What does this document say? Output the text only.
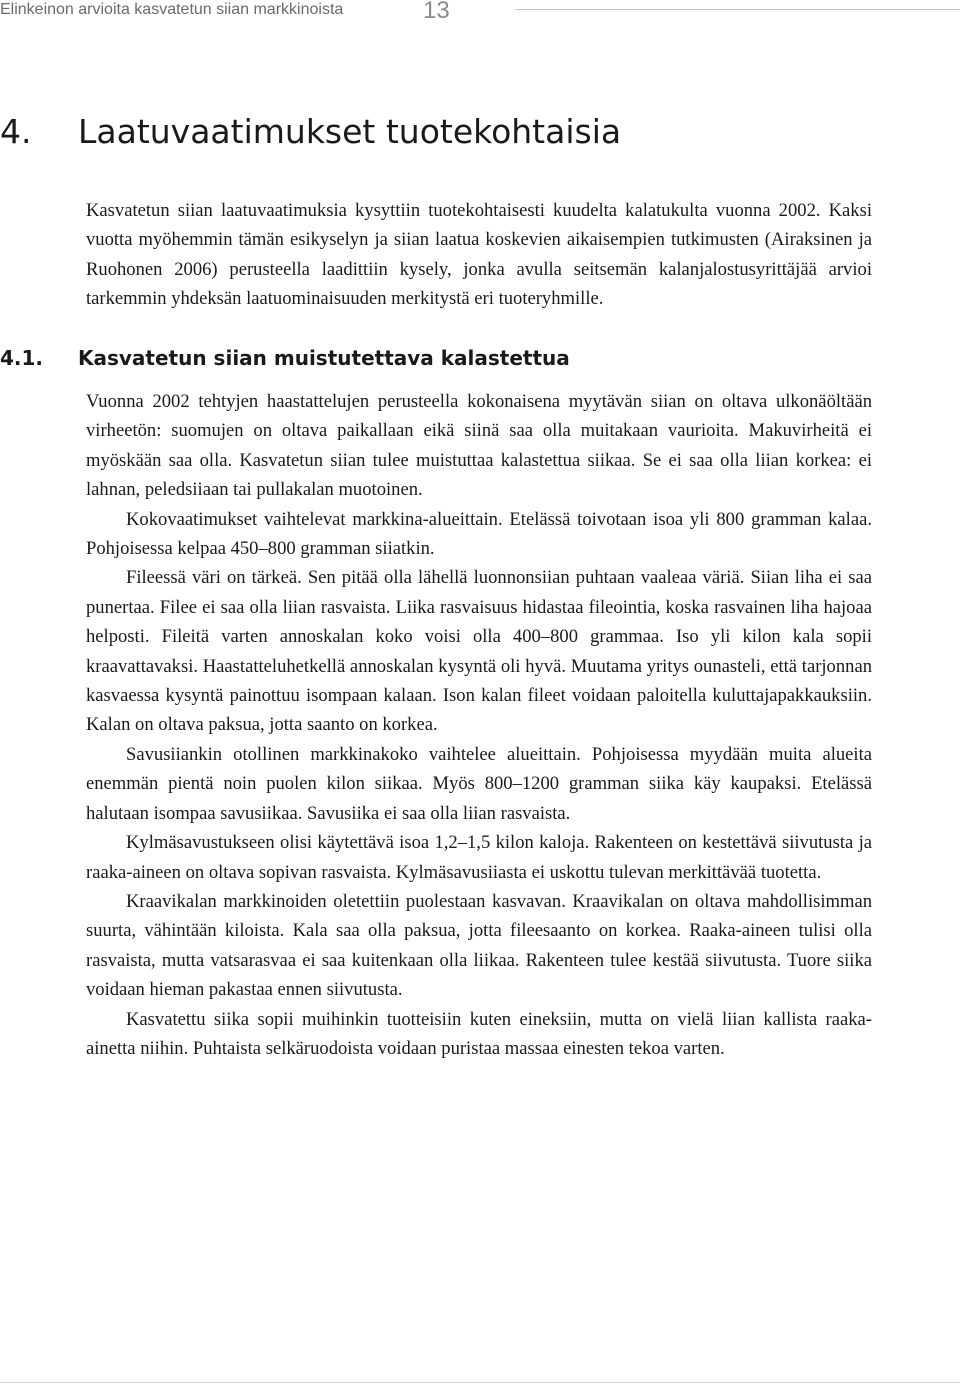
Elinkeinon arvioita kasvatetun siian markkinoista	13
4. Laatuvaatimukset tuotekohtaisia

Kasvatetun siian laatuvaatimuksia kysyttiin tuotekohtaisesti kuudelta kalatukulta vuonna 2002. Kaksi vuotta myöhemmin tämän esikyselyn ja siian laatua koskevien aikaisempien tutkimusten (Airaksinen ja Ruohonen 2006) perusteella laadittiin kysely, jonka avulla seitsemän kalanjalostusyrittäjää arvioi tarkemmin yhdeksän laatuominaisuuden merkitystä eri tuoteryhmille.

4.1. Kasvatetun siian muistutettava kalastettua

Vuonna 2002 tehtyjen haastattelujen perusteella kokonaisena myytävän siian on oltava ulkonäöltään virheetön: suomujen on oltava paikallaan eikä siinä saa olla muitakaan vaurioita. Makuvirheitä ei myöskään saa olla. Kasvatetun siian tulee muistuttaa kalastettua siikaa. Se ei saa olla liian korkea: ei lahnan, peledsiiaan tai pullakalan muotoinen.

Kokovaatimukset vaihtelevat markkina-alueittain. Etelässä toivotaan isoa yli 800 gramman kalaa. Pohjoisessa kelpaa 450–800 gramman siiatkin.

Fileessä väri on tärkeä. Sen pitää olla lähellä luonnonsiian puhtaan vaaleaa väriä. Siian liha ei saa punertaa. Filee ei saa olla liian rasvaista. Liika rasvaisuus hidastaa fileointia, koska rasvainen liha hajoaa helposti. Fileitä varten annoskalan koko voisi olla 400–800 grammaa. Iso yli kilon kala sopii kraavattavaksi. Haastatteluhetkellä annoskalan kysyntä oli hyvä. Muutama yritys ounasteli, että tarjonnan kasvaessa kysyntä painottuu isompaan kalaan. Ison kalan fileet voidaan paloitella kuluttajapakkauksiin. Kalan on oltava paksua, jotta saanto on korkea.

Savusiiankin otollinen markkinakoko vaihtelee alueittain. Pohjoisessa myydään muita alueita enemmän pientä noin puolen kilon siikaa. Myös 800–1200 gramman siika käy kaupaksi. Etelässä halutaan isompaa savusiikaa. Savusiika ei saa olla liian rasvaista.

Kylmäsavustukseen olisi käytettävä isoa 1,2–1,5 kilon kaloja. Rakenteen on kestettävä siivutusta ja raaka-aineen on oltava sopivan rasvaista. Kylmäsavusiiasta ei uskottu tulevan merkittävää tuotetta.

Kraavikalan markkinoiden oletettiin puolestaan kasvavan. Kraavikalan on oltava mahdollisimman suurta, vähintään kiloista. Kala saa olla paksua, jotta fileesaanto on korkea. Raaka-aineen tulisi olla rasvaista, mutta vatsarasvaa ei saa kuitenkaan olla liikaa. Rakenteen tulee kestää siivutusta. Tuore siika voidaan hieman pakastaa ennen siivutusta.

Kasvatettu siika sopii muihinkin tuotteisiin kuten eineksiin, mutta on vielä liian kallista raaka-ainetta niihin. Puhtaista selkäruodoista voidaan puristaa massaa einesten tekoa varten.
